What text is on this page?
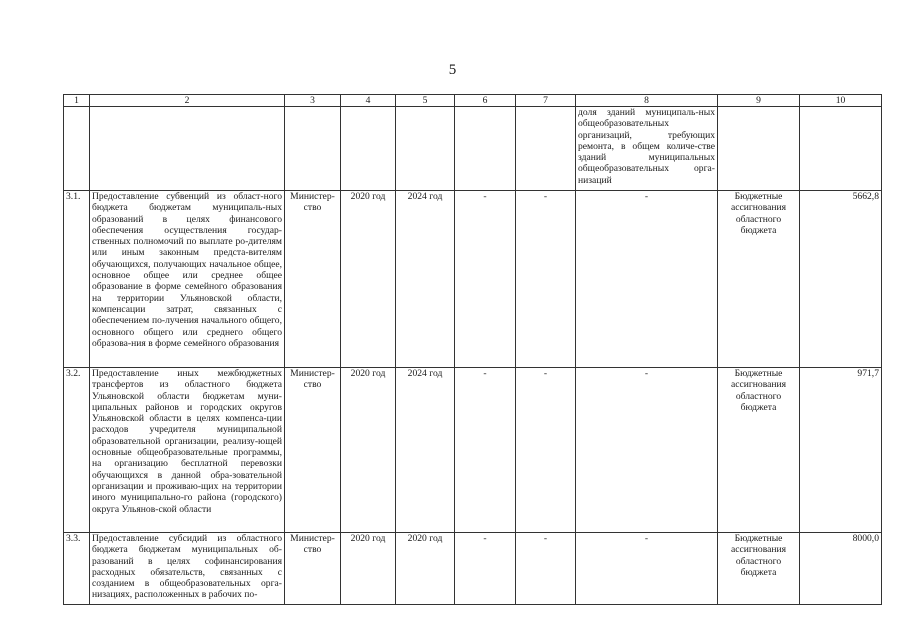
5
1	2	3	4	5	6	7	8	9	10
							доля зданий муниципаль-ных общеобразовательных организаций, требующих ремонта, в общем количе-стве зданий муниципальных общеобразовательных орга-низаций		
3.1.	Предоставление субвенций из област-ного бюджета бюджетам муниципаль-ных образований в целях финансового обеспечения осуществления государ-ственных полномочий по выплате ро-дителям или иным законным предста-вителям обучающихся, получающих начальное общее, основное общее или среднее общее образование в форме семейного образования на территории Ульяновской области, компенсации затрат, связанных с обеспечением по-лучения начального общего, основного общего или среднего общего образова-ния в форме семейного образования	Министер-ство	2020 год	2024 год	-	-	-	Бюджетные ассигнования областного бюджета	5662,8
3.2.	Предоставление иных межбюджетных трансфертов из областного бюджета Ульяновской области бюджетам муни-ципальных районов и городских округов Ульяновской области в целях компенса-ции расходов учредителя муниципальной образовательной организации, реализу-ющей основные общеобразовательные программы, на организацию бесплатной перевозки обучающихся в данной обра-зовательной организации и проживаю-щих на территории иного муниципально-го района (городского) округа Ульянов-ской области	Министер-ство	2020 год	2024 год	-	-	-	Бюджетные ассигнования областного бюджета	971,7
3.3.	Предоставление субсидий из областного бюджета бюджетам муниципальных об-разований в целях софинансирования расходных обязательств, связанных с созданием в общеобразовательных орга-низациях, расположенных в рабочих по-	Министер-ство	2020 год	2020 год	-	-	-	Бюджетные ассигнования областного бюджета	8000,0
